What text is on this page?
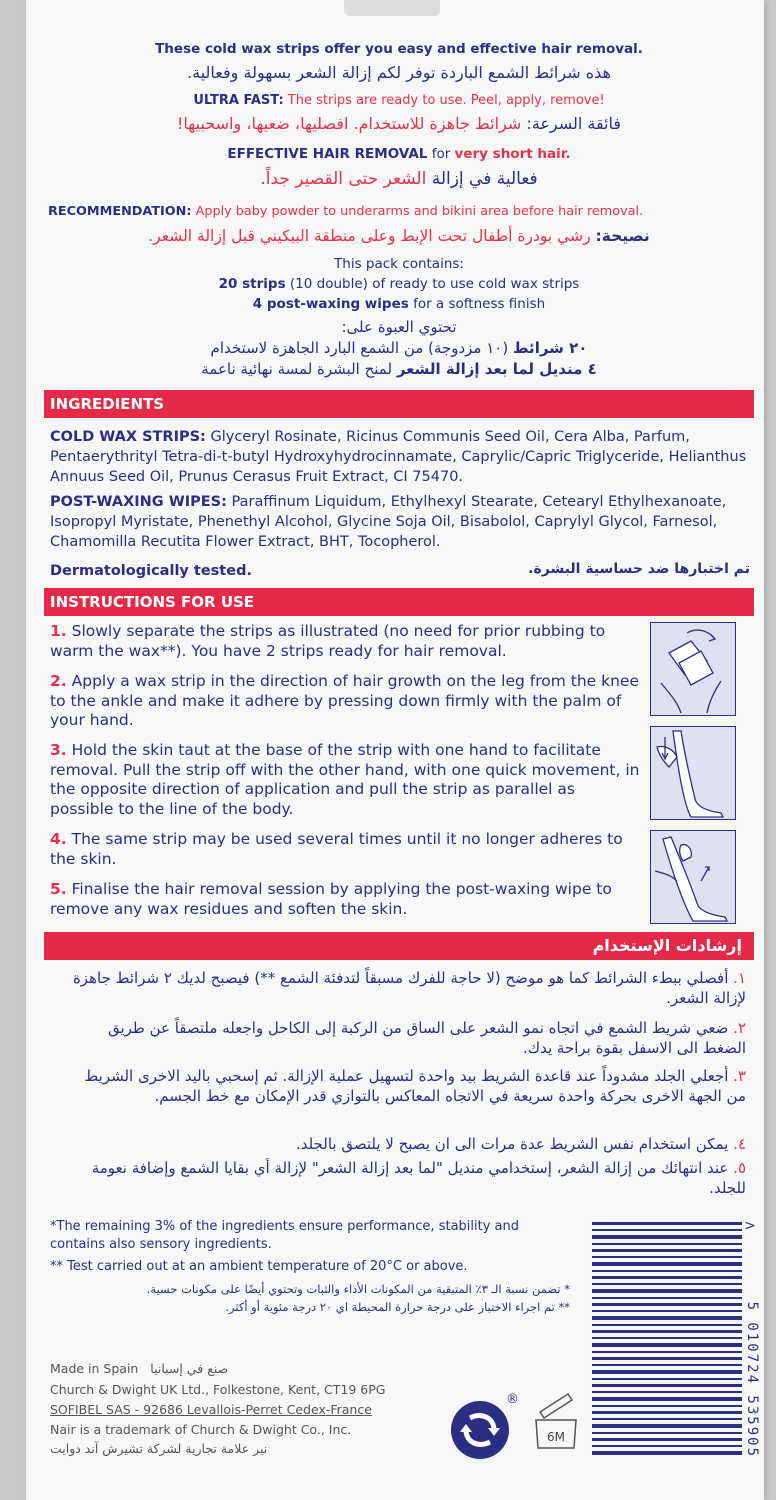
These cold wax strips offer you easy and effective hair removal.
هذه شرائط الشمع الباردة توفر لكم إزالة الشعر بسهولة وفعالية.
ULTRA FAST: The strips are ready to use. Peel, apply, remove!
فائقة السرعة: شرائط جاهزة للاستخدام. افصليها، ضعيها، واسحبيها!
EFFECTIVE HAIR REMOVAL for very short hair.
فعالية في إزالة الشعر حتى القصير جداً.
RECOMMENDATION: Apply baby powder to underarms and bikini area before hair removal.
نصيحة: رشي بودرة أطفال تحت الإبط وعلى منطقة البيكيني قبل إزالة الشعر.
This pack contains:
20 strips (10 double) of ready to use cold wax strips
4 post-waxing wipes for a softness finish
تحتوي العبوة على:
٢٠ شرائط (١٠ مزدوجة) من الشمع البارد الجاهزة لاستخدام
٤ منديل لما بعد إزالة الشعر لمنح البشرة لمسة نهائية ناعمة
INGREDIENTS
COLD WAX STRIPS: Glyceryl Rosinate, Ricinus Communis Seed Oil, Cera Alba, Parfum, Pentaerythrityl Tetra-di-t-butyl Hydroxyhydrocinnamate, Caprylic/Capric Triglyceride, Helianthus Annuus Seed Oil, Prunus Cerasus Fruit Extract, CI 75470.
POST-WAXING WIPES: Paraffinum Liquidum, Ethylhexyl Stearate, Cetearyl Ethylhexanoate, Isopropyl Myristate, Phenethyl Alcohol, Glycine Soja Oil, Bisabolol, Caprylyl Glycol, Farnesol, Chamomilla Recutita Flower Extract, BHT, Tocopherol.
Dermatologically tested.	تم اختبارها ضد حساسية البشرة.
INSTRUCTIONS FOR USE
1. Slowly separate the strips as illustrated (no need for prior rubbing to warm the wax**). You have 2 strips ready for hair removal.
2. Apply a wax strip in the direction of hair growth on the leg from the knee to the ankle and make it adhere by pressing down firmly with the palm of your hand.
3. Hold the skin taut at the base of the strip with one hand to facilitate removal. Pull the strip off with the other hand, with one quick movement, in the opposite direction of application and pull the strip as parallel as possible to the line of the body.
4. The same strip may be used several times until it no longer adheres to the skin.
5. Finalise the hair removal session by applying the post-waxing wipe to remove any wax residues and soften the skin.
إرشادات الإستخدام
١. أفصلي ببطء الشرائط كما هو موضح (لا حاجة للفرك مسبقاً لتدفئة الشمع **) فيصبح لديك ٢ شرائط جاهزة لإزالة الشعر.
٢. ضعي شريط الشمع في اتجاه نمو الشعر على الساق من الركبة إلى الكاحل واجعله ملتصقاً عن طريق الضغط الى الاسفل بقوة براحة يدك.
٣. أجعلي الجلد مشدوداً عند قاعدة الشريط بيد واحدة لتسهيل عملية الإزالة. ثم إسحبي باليد الاخرى الشريط من الجهة الاخرى بحركة واحدة سريعة في الاتجاه المعاكس بالتوازي قدر الإمكان مع خط الجسم.
٤. يمكن استخدام نفس الشريط عدة مرات الى ان يصبح لا يلتصق بالجلد.
٥. عند انتهائك من إزالة الشعر، إستخدامي منديل "لما بعد إزالة الشعر" لإزالة أي بقايا الشمع وإضافة نعومة للجلد.
*The remaining 3% of the ingredients ensure performance, stability and contains also sensory ingredients.
** Test carried out at an ambient temperature of 20°C or above.
* تضمن نسبة الـ ٣٪ المتبقية من المكونات الأداء والثبات وتحتوي أيضًا على مكونات حسية.
** تم اجراء الاختبار على درجة حرارة المحيطة اي ٢٠ درجة مئوية أو أكثر.
Made in Spain صنع في إسبانيا
Church & Dwight UK Ltd., Folkestone, Kent, CT19 6PG
SOFIBEL SAS - 92686 Levallois-Perret Cedex-France
Nair is a trademark of Church & Dwight Co., Inc.
نير علامة تجارية لشركة تشيرش آند دوايت
®
6M	5 010724 535905
>
